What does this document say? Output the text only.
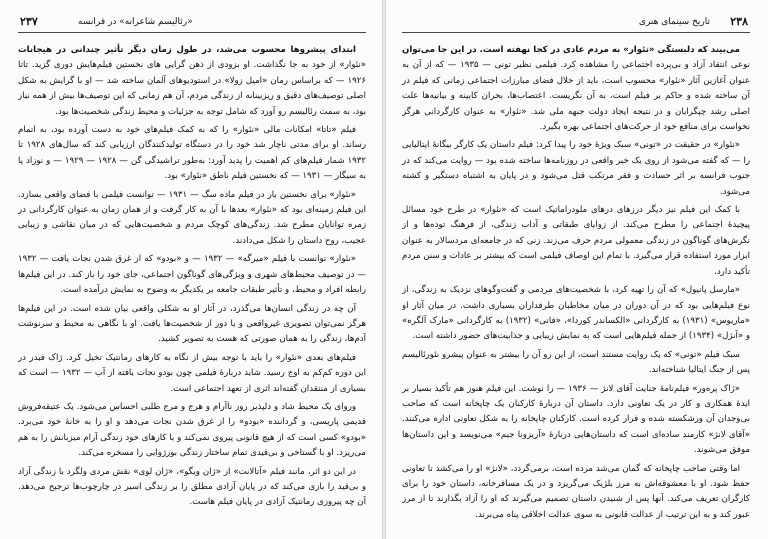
۲۳۷	«رئالیسم شاعرانه» در فرانسه

ابتدای پیشروها محسوب می‌شد، در طول زمان دیگر تأثیر چندانی در هیجانات «نئوار» از خود به جا نگذاشت. او بزودی از ذهن گرایی های نخستین فیلم‌هایش دوری گزید. تاتا ۱۹۲۶ — که براساس رمان «امیل زولا» در استودیوهای آلمان ساخته شد — او با گرایش به شکل اصلی توصیف‌های دقیق و ریزبینانه از زندگی مردم، آن هم زمانی که این توصیف‌ها بیش از همه نیاز بود، به سمت رئالیسم رو آورد که شامل توجه به جزئیات و محیط زندگی شخصیت‌ها بود.

فیلم «تاتا» امکانات مالی «نئوار» را که به کمک فیلم‌های خود به دست آورده بود، به اتمام رساند. او برای مدتی ناچار شد خود را در دستگاه تولیدکنندگان ارزیابی کند که سال‌های ۱۹۲۸ تا ۱۹۳۲ شمار فیلم‌های کم اهمیت را پدید آورد: به‌طور تراشیدگی گن — ۱۹۲۸ — ۱۹۲۹ — و نوزاد پا به سیگار — ۱۹۳۱ — که نخستین فیلم ناطق «نئوار» بود.

«نئوار» برای نخستین بار در فیلم ماده سگ — ۱۹۳۱ — توانست فیلمی با فضای واقعی بسازد. این فیلم زمینه‌ای بود که «نئوار» بعدها با آن به کار گرفت و از همان زمان به عنوان کارگردانی در زمره توانایان مطرح شد. زندگی‌های کوچک مردم و شخصیت‌هایی که در میان نقاشی و زیبایی عجیب، روح داستان را شکل می‌دادند.

«نئوار» توانست با فیلم «میرگه» — ۱۹۳۲ — و «بودو» که از غرق شدن نجات یافت — ۱۹۳۲ — در توصیف محیط‌های شهری و ویژگی‌های گوناگون اجتماعی، جای خود را باز کند. در این فیلم‌ها رابطه افراد و محیط، و تأثیر طبقات جامعه بر یکدیگر به وضوح به نمایش درآمده است.

آن چه در زندگی انسان‌ها می‌گذرد، در آثار او به شکلی واقعی بیان شده است. در این فیلم‌ها هرگز نمی‌توان تصویری غیرواقعی و یا دور از شخصیت‌ها یافت. او با نگاهی به محیط و سرنوشت آدم‌ها، زندگی را به همان صورتی که هست به تصویر کشید.

فیلم‌های بعدی «نئوار» را باید با توجه بیش از نگاه به کارهای رمانتیک تخیل کرد. ژاک فیدر در این دوره کم‌کم به اوج رسید. شاید دربارهٔ فیلمی چون بودو نجات یافته از آب — ۱۹۳۲ — است که بسیاری از منتقدان گفته‌اند اثری از تعهد اجتماعی است.

وروای یک محیط شاد و دلپذیر روز ناآرام و هرج و مرج طلبی احساس می‌شود. یک عتیقه‌فروش قدیمی پاریسی، و گرداننده «بودو» را از غرق شدن نجات می‌دهد و او را به خانهٔ خود می‌برد. «بودو» کسی است که از هیچ قانونی پیروی نمی‌کند و با کارهای خود زندگی آرام میزبانش را به هم می‌ریزد. او با گستاخی و بی‌قیدی تمام ساختار زندگی بورژوایی را مسخره می‌کند.

در این دو اثر، مانند فیلم «آتالانت» از «ژان ویگو»، «ژان لوی» نقش مردی ولگرد با زندگی آزاد و بی‌قید را بازی می‌کند که در پایان آزادی مطلق را بر زندگی اسیر در چارچوب‌ها ترجیح می‌دهد. آن چه پیروزی رمانتیک آزادی در پایان فیلم هاست.

۲۳۸
تاریخ سینمای هنری

می‌بیند که دلبستگی «نئوار» به مردم عادی در کجا نهفته است. در این جا می‌توان نوعی انتقاد آزاد و بی‌پرده اجتماعی را مشاهده کرد. فیلمی نظیر تونی — ۱۹۳۵ — که از آن به عنوان آغازین آثار «نئوار» محسوب است، باید از خلال فضای مبارزات اجتماعی زمانی که فیلم در آن ساخته شده و حاکم بر فیلم است، به آن نگریست. اعتصاب‌ها، بحران کابینه و بیانیه‌ها علت اصلی رشد چپگرایان و در نتیجه ایجاد دولت جبهه ملی شد. «نئوار» به عنوان کارگردانی هرگز نخواست برای منافع خود از حرکت‌های اجتماعی بهره بگیرد.

«نئوار» در حقیقت در «تونی» سبک ویژهٔ خود را پیدا کرد: فیلم داستان یک کارگر بیگانهٔ ایتالیایی را — که گفته می‌شود از روی یک خبر واقعی در روزنامه‌ها ساخته شده بود — روایت می‌کند که در جنوب فرانسه بر اثر حسادت و فقر مرتکب قتل می‌شود و در پایان به اشتباه دستگیر و کشته می‌شود.

با کمک این فیلم نیز دیگر درزهای درهای ملودراماتیک است که «نئوار» در طرح خود مسائل پیچیدهٔ اجتماعی را مطرح می‌کند. از زوایای طبقاتی و آداب زندگی، از فرهنگ توده‌ها و از نگرش‌های گوناگون در زندگی معمولی مردم حرف می‌زند. زنی که در جامعه‌ای مردسالار به عنوان ابزار مورد استفاده قرار می‌گیرد. با تمام این اوصاف فیلمی است که بیشتر بر عادات و سنن مردم تأکید دارد.

«مارسل پانیول» که آن را تهیه کرد، با شخصیت‌های مردمی و گفت‌وگوهای نزدیک به زندگی، از نوع فیلم‌هایی بود که در آن دوران در میان مخاطبان طرفداران بسیاری داشت. در میان آثار او «ماریوس» (۱۹۳۱) به کارگردانی «الکساندر کوردا»، «فانی» (۱۹۳۲) به کارگردانی «مارک آلگره» و «آنژل» (۱۹۳۴) از جمله فیلم‌هایی است که به نمایش زیبایی و جذابیت‌های حضور داشته است.

سبک فیلم «تونی» که یک روایت مستند است، از این رو آن را بیشتر به عنوان پیشرو نئورئالیسم پس از جنگ ایتالیا شناخته‌اند.

«ژاک پره‌ور» فیلم‌نامهٔ جنایت آقای لانژ — ۱۹۳۶ — را نوشت. این فیلم هنوز هم تأکید بسیار بر ایدهٔ همکاری و کار در یک تعاونی دارد. داستان آن دربارهٔ کارکنان یک چاپخانه است که صاحب بی‌وجدان آن ورشکسته شده و فرار کرده است. کارکنان چاپخانه را به شکل تعاونی اداره می‌کنند. «آقای لانژ» کارمند ساده‌ای است که داستان‌هایی دربارهٔ «آریزونا جیم» می‌نویسد و این داستان‌ها موفق می‌شوند.

اما وقتی صاحب چاپخانه که گمان می‌شد مرده است، برمی‌گردد، «لانژ» او را می‌کشد تا تعاونی حفظ شود. او با معشوقه‌اش به مرز بلژیک می‌گریزد و در یک مسافرخانه، داستان خود را برای کارگران تعریف می‌کند. آنها پس از شنیدن داستان تصمیم می‌گیرند که او را آزاد بگذارند تا از مرز عبور کند و به این ترتیب از عدالت قانونی به سوی عدالت اخلاقی پناه می‌برند.
